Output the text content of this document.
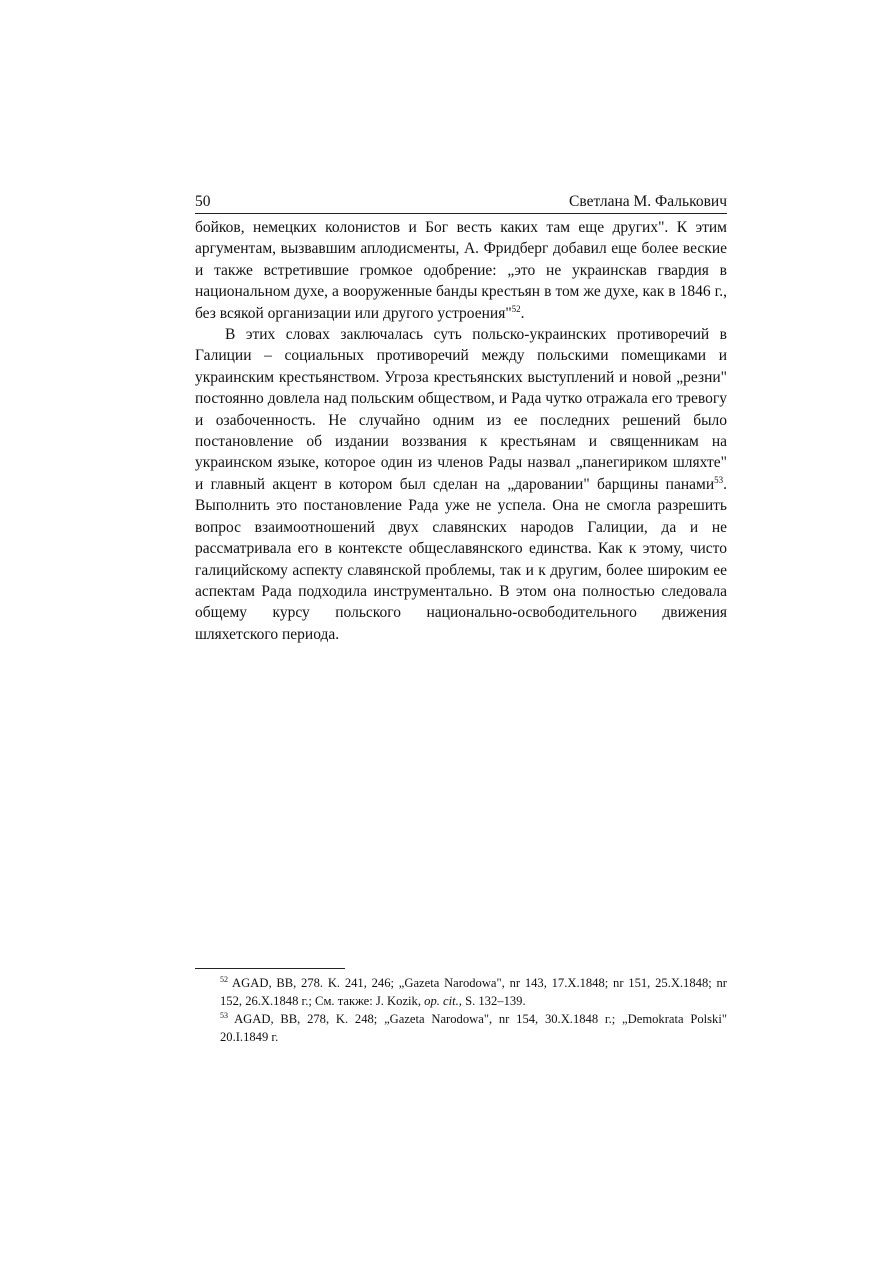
50	Светлана М. Фалькович

бойков, немецких колонистов и Бог весть каких там еще других". К этим аргументам, вызвавшим аплодисменты, А. Фридберг добавил еще более веские и также встретившие громкое одобрение: „это не украинскав гвардия в национальном духе, а вооруженные банды крестьян в том же духе, как в 1846 г., без всякой организации или другого устроения"$^{52}$.

В этих словах заключалась суть польско-украинских противоречий в Галиции – социальных противоречий между польскими помещиками и украинским крестьянством. Угроза крестьянских выступлений и новой „резни" постоянно довлела над польским обществом, и Рада чутко отражала его тревогу и озабоченность. Не случайно одним из ее последних решений было постановление об издании воззвания к крестьянам и священникам на украинском языке, которое один из членов Рады назвал „панегириком шляхте" и главный акцент в котором был сделан на „даровании" барщины панами$^{53}$. Выполнить это постановление Рада уже не успела. Она не смогла разрешить вопрос взаимоотношений двух славянских народов Галиции, да и не рассматривала его в контексте общеславянского единства. Как к этому, чисто галицийскому аспекту славянской проблемы, так и к другим, более широким ее аспектам Рада подходила инструментально. В этом она полностью следовала общему курсу польского национально-освободительного движения шляхетского периода.

$^{52}$ AGAD, BB, 278. K. 241, 246; „Gazeta Narodowa", nr 143, 17.X.1848; nr 151, 25.X.1848; nr 152, 26.X.1848 г.; См. также: J. Kozik, op. cit., S. 132–139.

$^{53}$ AGAD, BB, 278, K. 248; „Gazeta Narodowa", nr 154, 30.X.1848 г.; „Demokrata Polski" 20.I.1849 г.
